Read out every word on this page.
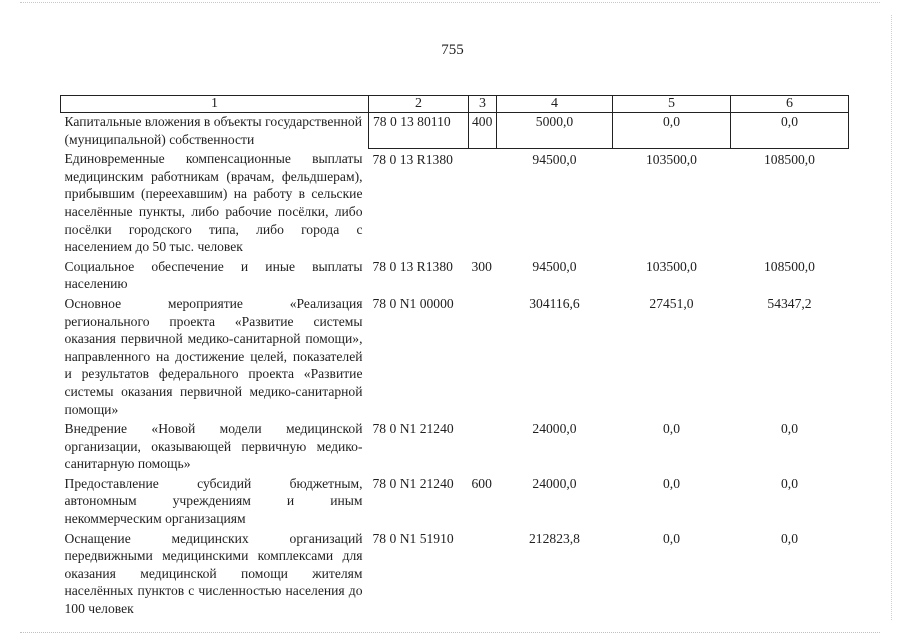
755
1	2	3	4	5	6
Капитальные вложения в объекты государственной (муниципальной) собственности	78 0 13 80110	400	5000,0	0,0	0,0
Единовременные компенсационные выплаты медицинским работникам (врачам, фельдшерам), прибывшим (переехавшим) на работу в сельские населённые пункты, либо рабочие посёлки, либо посёлки городского типа, либо города с населением до 50 тыс. человек	78 0 13 R1380		94500,0	103500,0	108500,0
Социальное обеспечение и иные выплаты населению	78 0 13 R1380	300	94500,0	103500,0	108500,0
Основное мероприятие «Реализация регионального проекта «Развитие системы оказания первичной медико-санитарной помощи», направленного на достижение целей, показателей и результатов федерального проекта «Развитие системы оказания первичной медико-санитарной помощи»	78 0 N1 00000		304116,6	27451,0	54347,2
Внедрение «Новой модели медицинской организации, оказывающей первичную медико-санитарную помощь»	78 0 N1 21240		24000,0	0,0	0,0
Предоставление субсидий бюджетным, автономным учреждениям и иным некоммерческим организациям	78 0 N1 21240	600	24000,0	0,0	0,0
Оснащение медицинских организаций передвижными медицинскими комплексами для оказания медицинской помощи жителям населённых пунктов с численностью населения до 100 человек	78 0 N1 51910		212823,8	0,0	0,0
